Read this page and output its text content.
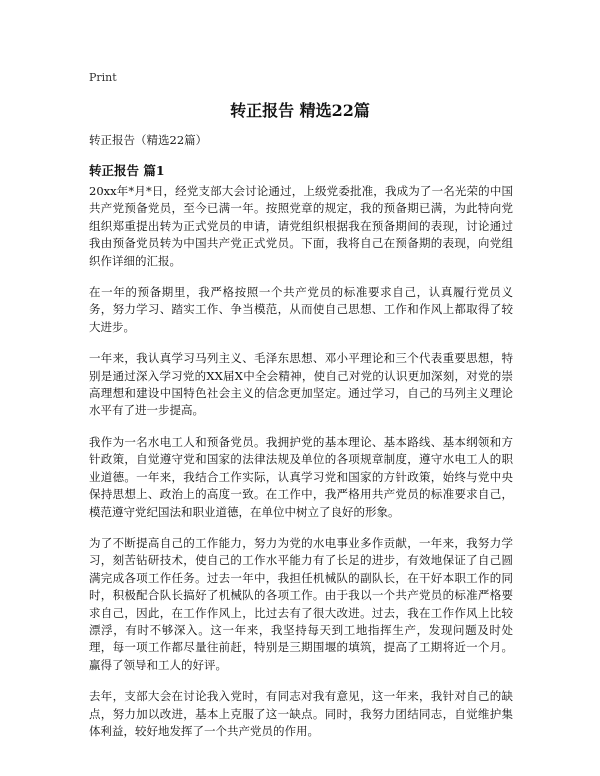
Print
转正报告 精选22篇
转正报告（精选22篇）
转正报告 篇1

20xx年*月*日，经党支部大会讨论通过，上级党委批准，我成为了一名光荣的中国共产党预备党员，至今已满一年。按照党章的规定，我的预备期已满，为此特向党组织郑重提出转为正式党员的申请，请党组织根据我在预备期间的表现，讨论通过我由预备党员转为中国共产党正式党员。下面，我将自己在预备期的表现，向党组织作详细的汇报。

在一年的预备期里，我严格按照一个共产党员的标准要求自己，认真履行党员义务，努力学习、踏实工作、争当模范，从而使自己思想、工作和作风上都取得了较大进步。

一年来，我认真学习马列主义、毛泽东思想、邓小平理论和三个代表重要思想，特别是通过深入学习党的XX届X中全会精神，使自己对党的认识更加深刻，对党的崇高理想和建设中国特色社会主义的信念更加坚定。通过学习，自己的马列主义理论水平有了进一步提高。

我作为一名水电工人和预备党员。我拥护党的基本理论、基本路线、基本纲领和方针政策，自觉遵守党和国家的法律法规及单位的各项规章制度，遵守水电工人的职业道德。一年来，我结合工作实际，认真学习党和国家的方针政策，始终与党中央保持思想上、政治上的高度一致。在工作中，我严格用共产党员的标准要求自己，模范遵守党纪国法和职业道德，在单位中树立了良好的形象。

为了不断提高自己的工作能力，努力为党的水电事业多作贡献，一年来，我努力学习，刻苦钻研技术，使自己的工作水平能力有了长足的进步，有效地保证了自己圆满完成各项工作任务。过去一年中，我担任机械队的副队长，在干好本职工作的同时，积极配合队长搞好了机械队的各项工作。由于我以一个共产党员的标准严格要求自己，因此，在工作作风上，比过去有了很大改进。过去，我在工作作风上比较漂浮，有时不够深入。这一年来，我坚持每天到工地指挥生产，发现问题及时处理，每一项工作都尽量往前赶，特别是三期围堰的填筑，提高了工期将近一个月。赢得了领导和工人的好评。

去年，支部大会在讨论我入党时，有同志对我有意见，这一年来，我针对自己的缺点，努力加以改进，基本上克服了这一缺点。同时，我努力团结同志，自觉维护集体利益，较好地发挥了一个共产党员的作用。
